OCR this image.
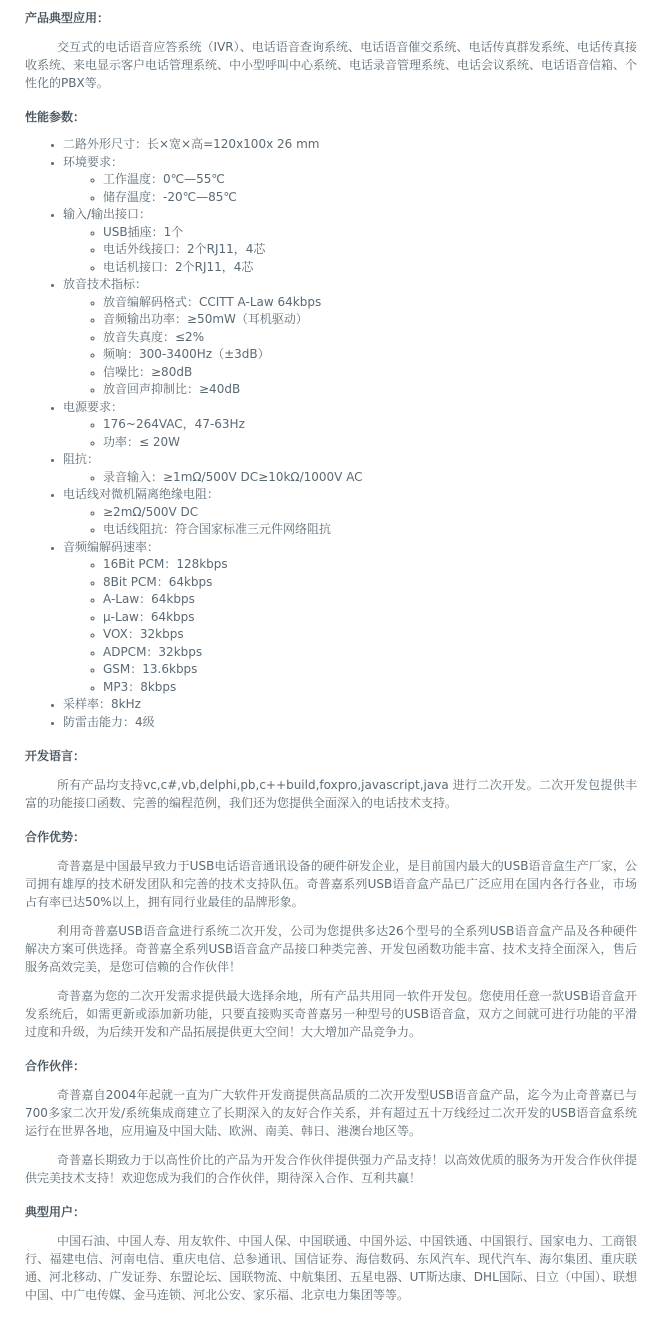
产品典型应用：

交互式的电话语音应答系统（IVR）、电话语音查询系统、电话语音催交系统、电话传真群发系统、电话传真接收系统、来电显示客户电话管理系统、中小型呼叫中心系统、电话录音管理系统、电话会议系统、电话语音信箱、个性化的PBX等。

性能参数：
• 二路外形尺寸：长×宽×高=120x100x 26 mm
• 环境要求：
◦ 工作温度：0℃—55℃
◦ 储存温度：-20℃—85℃
• 输入/输出接口：
◦ USB插座：1个
◦ 电话外线接口：2个RJ11，4芯
◦ 电话机接口：2个RJ11，4芯
• 放音技术指标：
◦ 放音编解码格式：CCITT A-Law 64kbps
◦ 音频输出功率：≥50mW（耳机驱动）
◦ 放音失真度：≤2%
◦ 频响：300-3400Hz（±3dB）
◦ 信噪比：≥80dB
◦ 放音回声抑制比：≥40dB
• 电源要求：
◦ 176~264VAC，47-63Hz
◦ 功率：≤ 20W
• 阻抗：
◦ 录音输入：≥1mΩ/500V DC≥10kΩ/1000V AC
• 电话线对微机隔离绝缘电阻：
◦ ≥2mΩ/500V DC
◦ 电话线阻抗：符合国家标准三元件网络阻抗
• 音频编解码速率：
◦ 16Bit PCM：128kbps
◦ 8Bit PCM：64kbps
◦ A-Law：64kbps
◦ μ-Law：64kbps
◦ VOX：32kbps
◦ ADPCM：32kbps
◦ GSM：13.6kbps
◦ MP3：8kbps
• 采样率：8kHz
• 防雷击能力：4级
开发语言：

所有产品均支持vc,c#,vb,delphi,pb,c++build,foxpro,javascript,java 进行二次开发。二次开发包提供丰富的功能接口函数、完善的编程范例，我们还为您提供全面深入的电话技术支持。

合作优势：

奇普嘉是中国最早致力于USB电话语音通讯设备的硬件研发企业，是目前国内最大的USB语音盒生产厂家，公司拥有雄厚的技术研发团队和完善的技术支持队伍。奇普嘉系列USB语音盒产品已广泛应用在国内各行各业，市场占有率已达50%以上，拥有同行业最佳的品牌形象。

利用奇普嘉USB语音盒进行系统二次开发，公司为您提供多达26个型号的全系列USB语音盒产品及各种硬件解决方案可供选择。奇普嘉全系列USB语音盒产品接口种类完善、开发包函数功能丰富、技术支持全面深入，售后服务高效完美，是您可信赖的合作伙伴！

奇普嘉为您的二次开发需求提供最大选择余地，所有产品共用同一软件开发包。您使用任意一款USB语音盒开发系统后，如需更新或添加新功能，只要直接购买奇普嘉另一种型号的USB语音盒，双方之间就可进行功能的平滑过度和升级，为后续开发和产品拓展提供更大空间！大大增加产品竞争力。

合作伙伴：

奇普嘉自2004年起就一直为广大软件开发商提供高品质的二次开发型USB语音盒产品，迄今为止奇普嘉已与700多家二次开发/系统集成商建立了长期深入的友好合作关系，并有超过五十万线经过二次开发的USB语音盒系统运行在世界各地，应用遍及中国大陆、欧洲、南美、韩日、港澳台地区等。

奇普嘉长期致力于以高性价比的产品为开发合作伙伴提供强力产品支持！以高效优质的服务为开发合作伙伴提供完美技术支持！欢迎您成为我们的合作伙伴，期待深入合作、互利共赢！

典型用户：

中国石油、中国人寿、用友软件、中国人保、中国联通、中国外运、中国铁通、中国银行、国家电力、工商银行、福建电信、河南电信、重庆电信、总参通讯、国信证券、海信数码、东风汽车、现代汽车、海尔集团、重庆联通、河北移动、广发证券、东盟论坛、国联物流、中航集团、五星电器、UT斯达康、DHL国际、日立（中国）、联想中国、中广电传媒、金马连锁、河北公安、家乐福、北京电力集团等等。
